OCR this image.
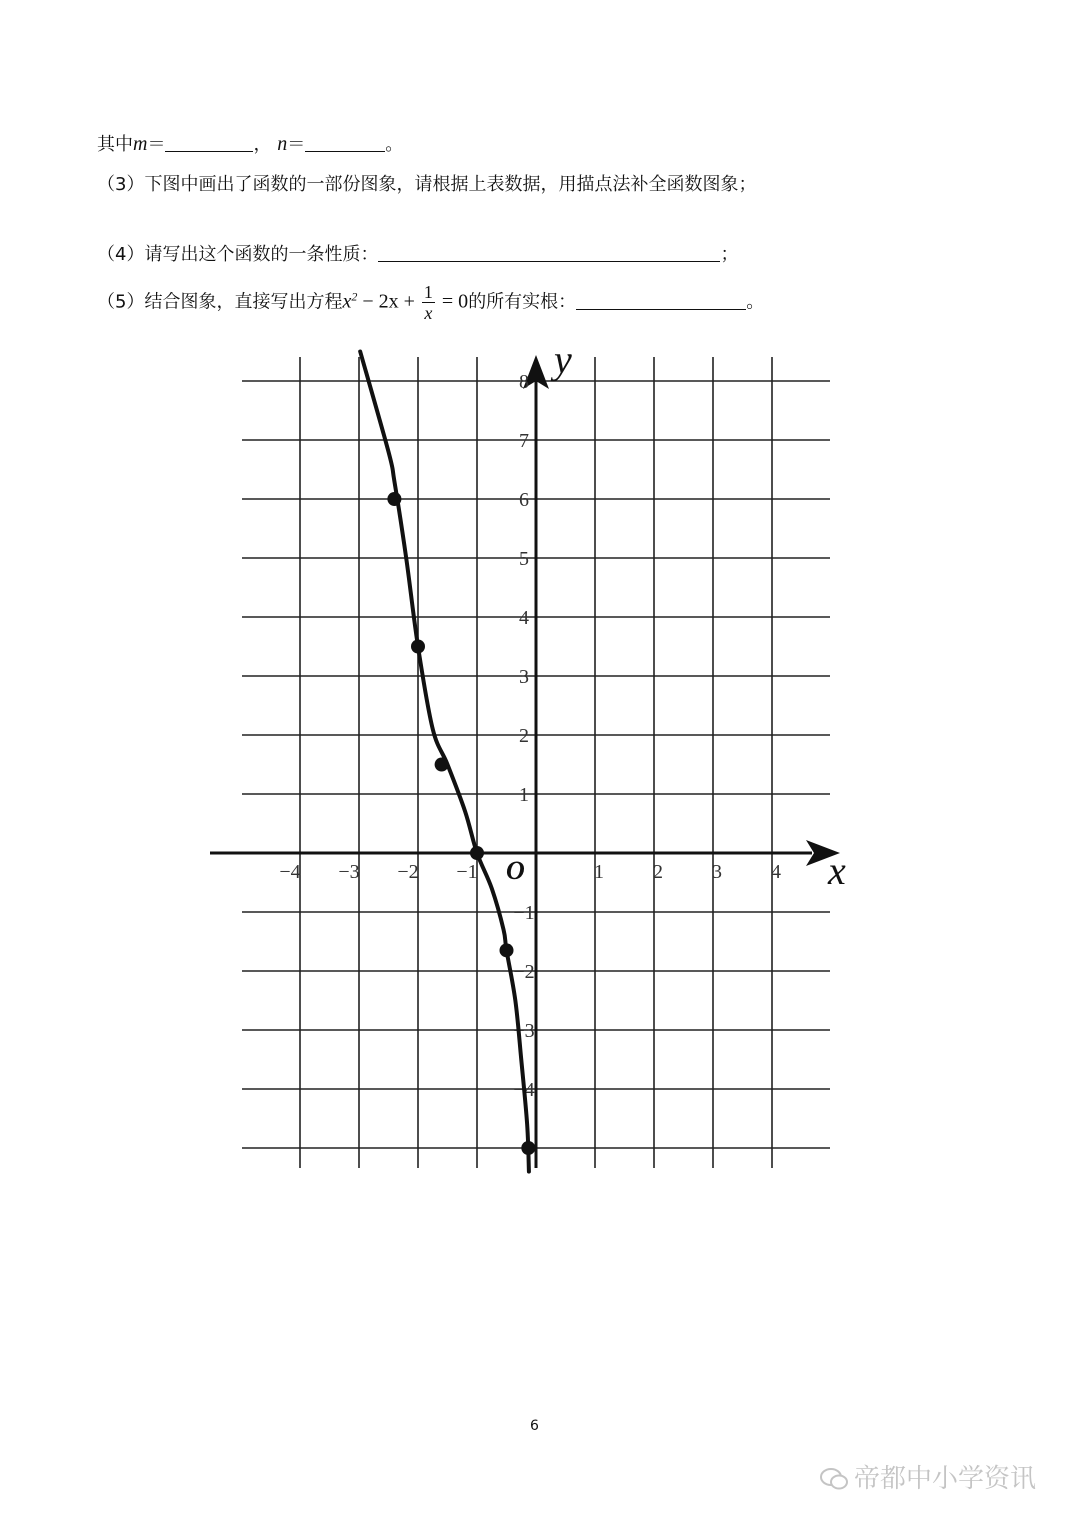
其中m＝	， n＝	。
（3）下图中画出了函数的一部份图象，请根据上表数据，用描点法补全函数图象；
（4）请写出这个函数的一条性质：	；
（5）结合图象，直接写出方程$x^2 - 2x + \frac{1}{x} = 0$的所有实根：	。
x
y
O
−4 −3 −2 −1	1 2 3 4
8
7
6
5
4
3
2
1
−1
−2
−3
−4
6
帝都中小学资讯
